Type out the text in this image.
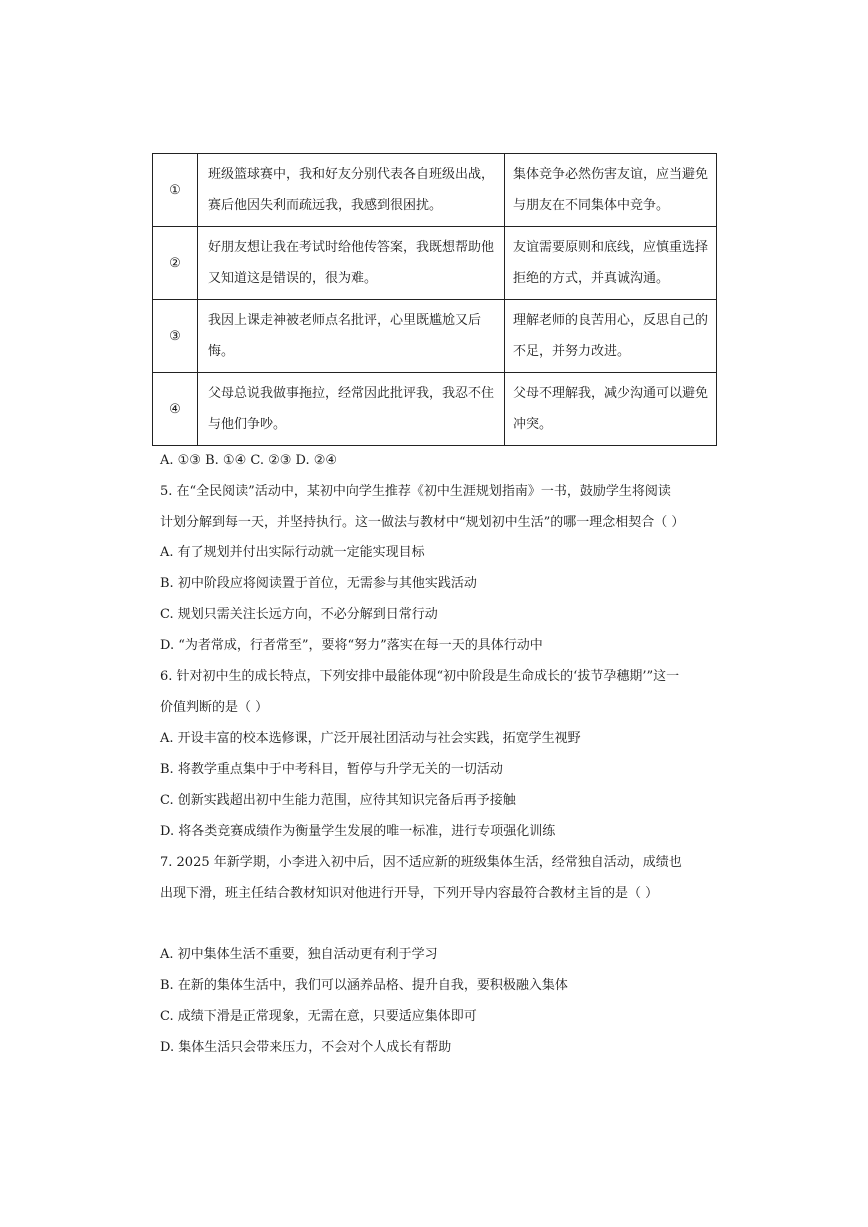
①	班级篮球赛中，我和好友分别代表各自班级出战，赛后他因失利而疏远我，我感到很困扰。	集体竞争必然伤害友谊，应当避免与朋友在不同集体中竞争。
②	好朋友想让我在考试时给他传答案，我既想帮助他又知道这是错误的，很为难。	友谊需要原则和底线，应慎重选择拒绝的方式，并真诚沟通。
③	我因上课走神被老师点名批评，心里既尴尬又后悔。	理解老师的良苦用心，反思自己的不足，并努力改进。
④	父母总说我做事拖拉，经常因此批评我，我忍不住与他们争吵。	父母不理解我，减少沟通可以避免冲突。
A. ①③ B. ①④ C. ②③ D. ②④
5. 在“全民阅读”活动中，某初中向学生推荐《初中生涯规划指南》一书，鼓励学生将阅读
计划分解到每一天，并坚持执行。这一做法与教材中“规划初中生活”的哪一理念相契合（ ）
A. 有了规划并付出实际行动就一定能实现目标
B. 初中阶段应将阅读置于首位，无需参与其他实践活动
C. 规划只需关注长远方向，不必分解到日常行动
D. “为者常成，行者常至”，要将“努力”落实在每一天的具体行动中
6. 针对初中生的成长特点，下列安排中最能体现“初中阶段是生命成长的‘拔节孕穗期’”这一
价值判断的是（ ）
A. 开设丰富的校本选修课，广泛开展社团活动与社会实践，拓宽学生视野
B. 将教学重点集中于中考科目，暂停与升学无关的一切活动
C. 创新实践超出初中生能力范围，应待其知识完备后再予接触
D. 将各类竞赛成绩作为衡量学生发展的唯一标准，进行专项强化训练
7. 2025 年新学期，小李进入初中后，因不适应新的班级集体生活，经常独自活动，成绩也
出现下滑，班主任结合教材知识对他进行开导，下列开导内容最符合教材主旨的是（ ）
A. 初中集体生活不重要，独自活动更有利于学习
B. 在新的集体生活中，我们可以涵养品格、提升自我，要积极融入集体
C. 成绩下滑是正常现象，无需在意，只要适应集体即可
D. 集体生活只会带来压力，不会对个人成长有帮助
